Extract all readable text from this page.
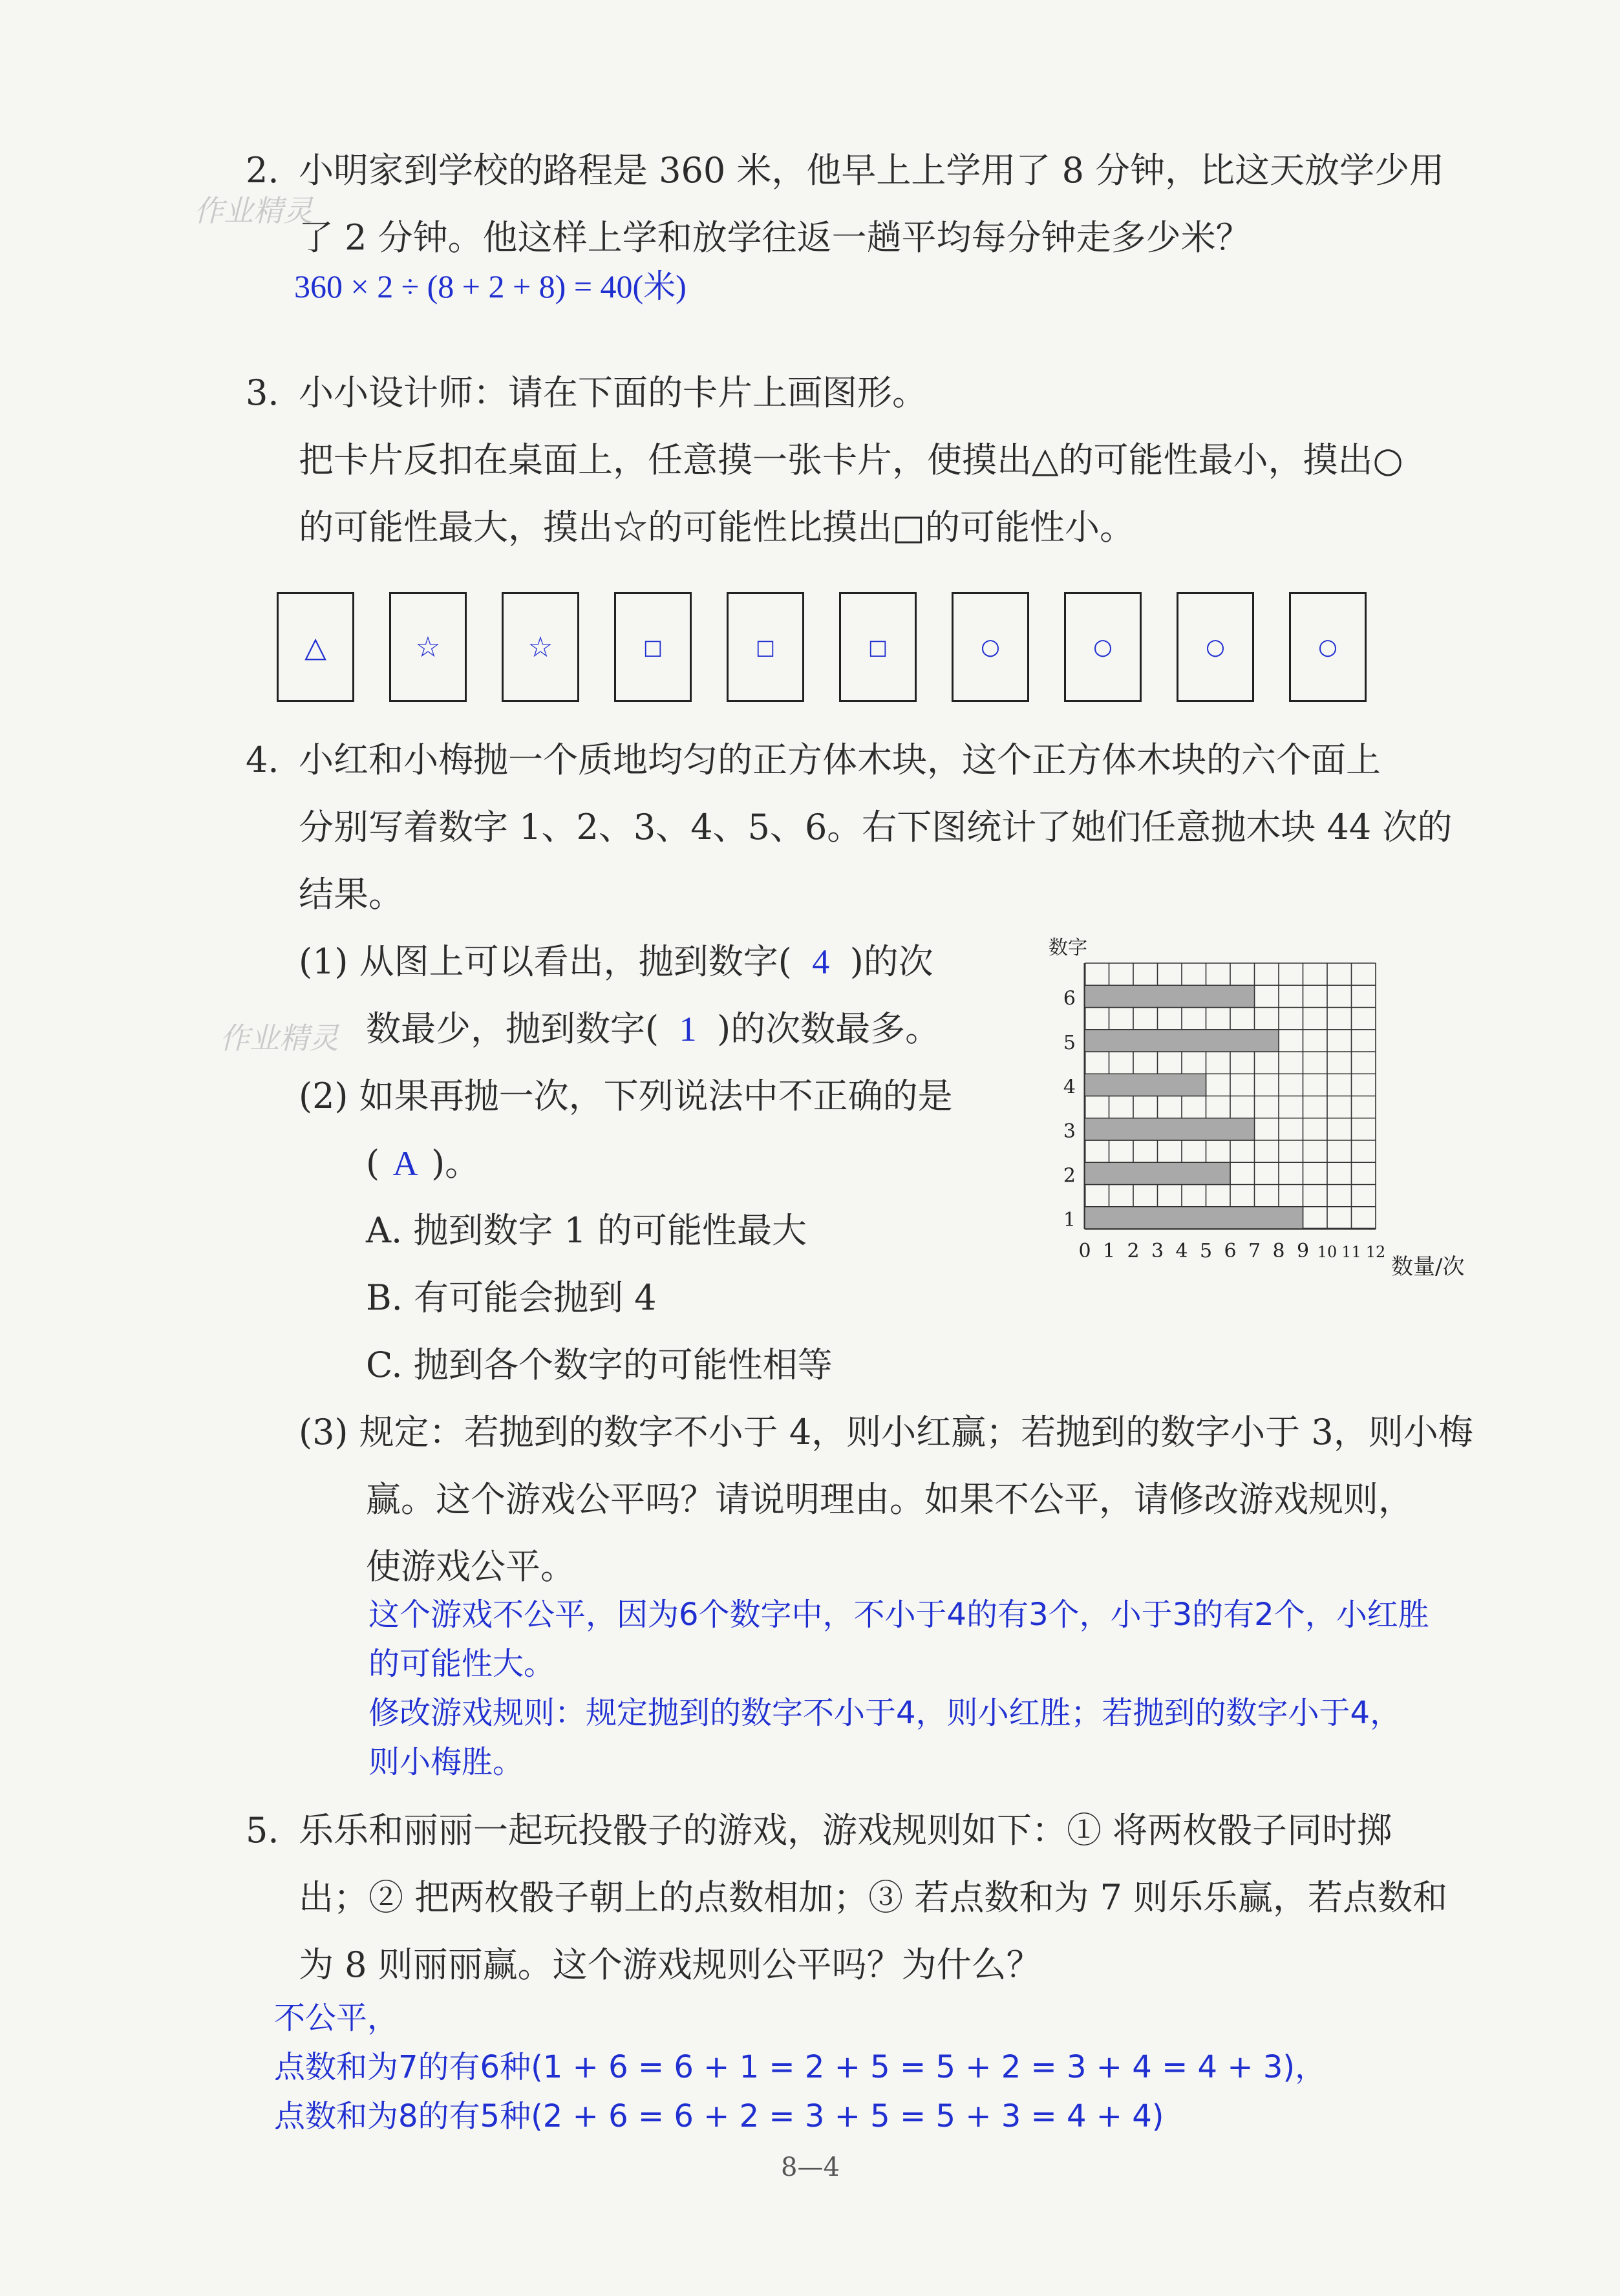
作业精灵
作业精灵
2. 小明家到学校的路程是 360 米，他早上上学用了 8 分钟，比这天放学少用
了 2 分钟。他这样上学和放学往返一趟平均每分钟走多少米？
360 × 2 ÷ (8 + 2 + 8) = 40(米)
3. 小小设计师：请在下面的卡片上画图形。
把卡片反扣在桌面上，任意摸一张卡片，使摸出△的可能性最小，摸出○
的可能性最大，摸出☆的可能性比摸出□的可能性小。
△	☆	☆	□	□	□	○	○	○	○
4. 小红和小梅抛一个质地均匀的正方体木块，这个正方体木块的六个面上
分别写着数字 1、2、3、4、5、6。右下图统计了她们任意抛木块 44 次的
结果。
(1) 从图上可以看出，抛到数字( 4 )的次
数最少，抛到数字( 1 )的次数最多。
(2) 如果再抛一次，下列说法中不正确的是
( A )。
A. 抛到数字 1 的可能性最大
B. 有可能会抛到 4
C. 抛到各个数字的可能性相等
1
2
3
4
5
6
0 1 2 3 4 5 6 7 8 9 10 11 12
数字
数量/次
(3) 规定：若抛到的数字不小于 4，则小红赢；若抛到的数字小于 3，则小梅
赢。这个游戏公平吗？请说明理由。如果不公平，请修改游戏规则，
使游戏公平。
这个游戏不公平，因为6个数字中，不小于4的有3个，小于3的有2个，小红胜
的可能性大。
修改游戏规则：规定抛到的数字不小于4，则小红胜；若抛到的数字小于4，
则小梅胜。
5. 乐乐和丽丽一起玩投骰子的游戏，游戏规则如下：① 将两枚骰子同时掷
出；② 把两枚骰子朝上的点数相加；③ 若点数和为 7 则乐乐赢，若点数和
为 8 则丽丽赢。这个游戏规则公平吗？为什么？
不公平，
点数和为7的有6种(1 + 6 = 6 + 1 = 2 + 5 = 5 + 2 = 3 + 4 = 4 + 3)，
点数和为8的有5种(2 + 6 = 6 + 2 = 3 + 5 = 5 + 3 = 4 + 4)
8—4
